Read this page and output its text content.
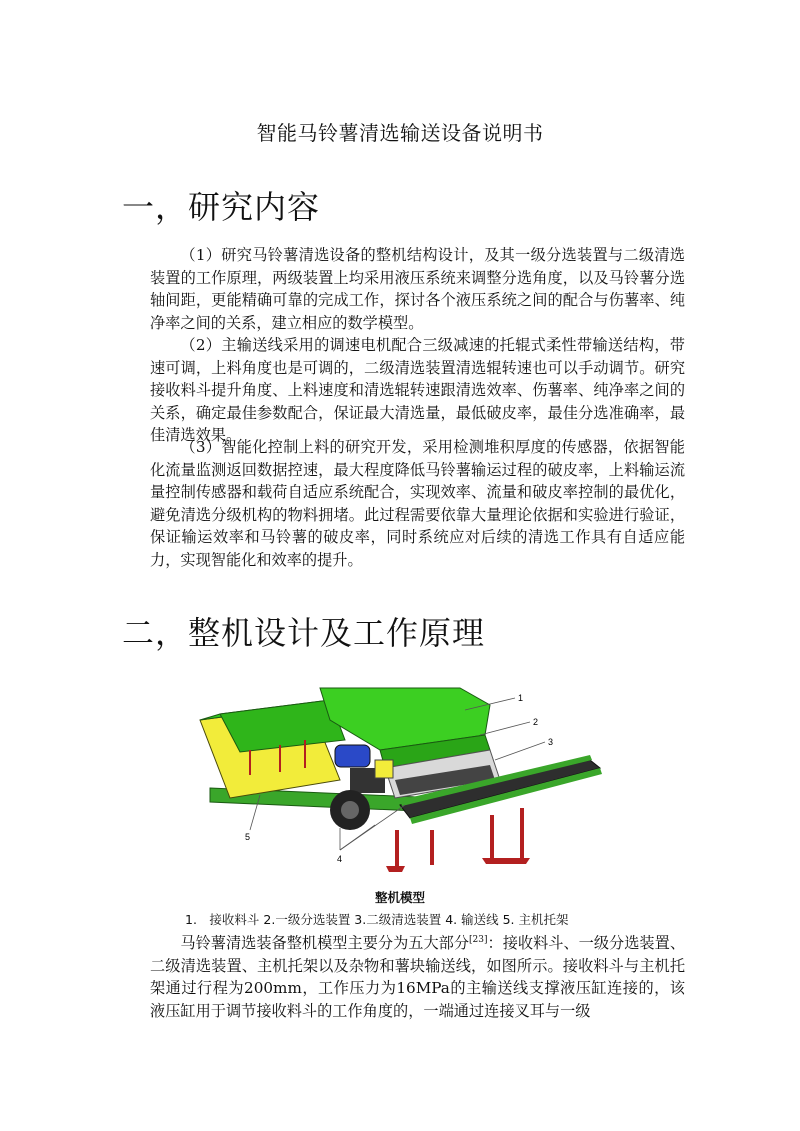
智能马铃薯清选输送设备说明书
一，研究内容

（1）研究马铃薯清选设备的整机结构设计，及其一级分选装置与二级清选装置的工作原理，两级装置上均采用液压系统来调整分选角度，以及马铃薯分选轴间距，更能精确可靠的完成工作，探讨各个液压系统之间的配合与伤薯率、纯净率之间的关系，建立相应的数学模型。

（2）主输送线采用的调速电机配合三级减速的托辊式柔性带输送结构，带速可调，上料角度也是可调的，二级清选装置清选辊转速也可以手动调节。研究接收料斗提升角度、上料速度和清选辊转速跟清选效率、伤薯率、纯净率之间的关系，确定最佳参数配合，保证最大清选量，最低破皮率，最佳分选准确率，最佳清选效果。

（3）智能化控制上料的研究开发，采用检测堆积厚度的传感器，依据智能化流量监测返回数据控速，最大程度降低马铃薯输运过程的破皮率，上料输运流量控制传感器和载荷自适应系统配合，实现效率、流量和破皮率控制的最优化，避免清选分级机构的物料拥堵。此过程需要依靠大量理论依据和实验进行验证，保证输运效率和马铃薯的破皮率，同时系统应对后续的清选工作具有自适应能力，实现智能化和效率的提升。

二，整机设计及工作原理
1
2
3
4
5
整机模型
1.　接收料斗 2.一级分选装置 3.二级清选装置 4. 输送线 5. 主机托架

马铃薯清选装备整机模型主要分为五大部分[23]：接收料斗、一级分选装置、二级清选装置、主机托架以及杂物和薯块输送线，如图所示。接收料斗与主机托架通过行程为200mm，工作压力为16MPa的主输送线支撑液压缸连接的，该液压缸用于调节接收料斗的工作角度的，一端通过连接叉耳与一级
